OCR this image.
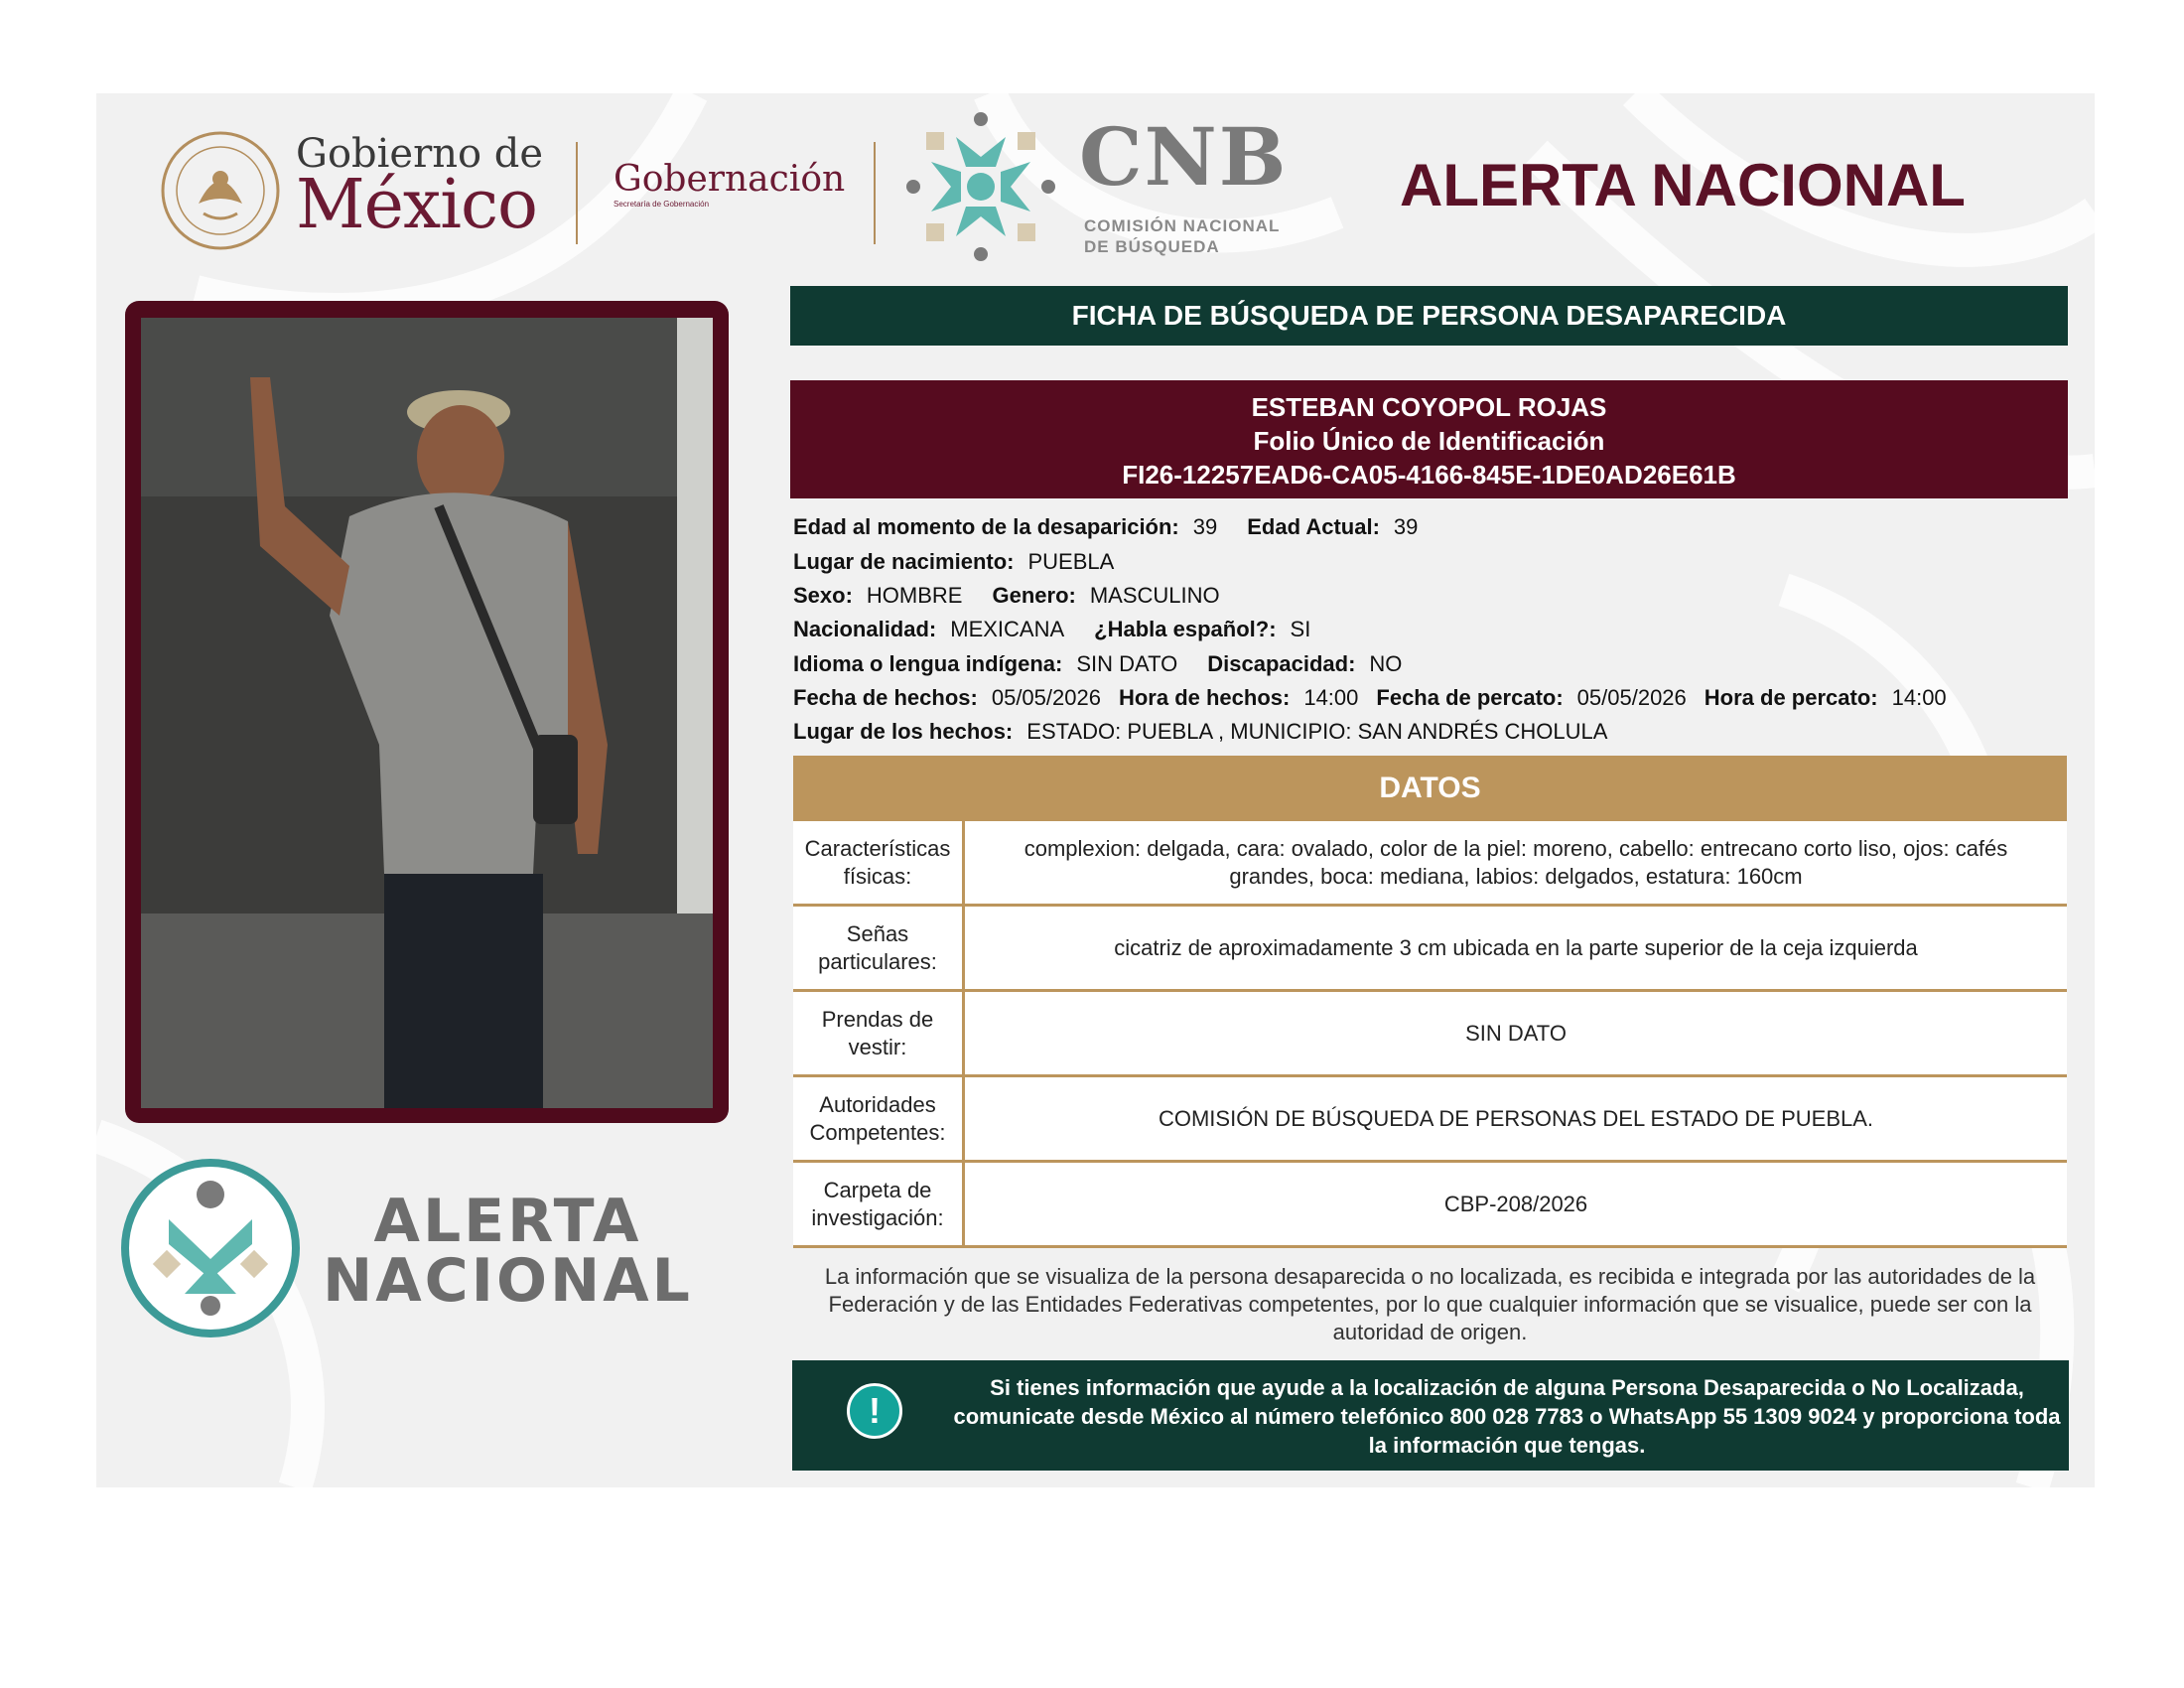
Gobierno de
México Gobernación
Secretaría de Gobernación
CNB
COMISIÓN NACIONAL
DE BÚSQUEDA
ALERTA NACIONAL
ALERTA
NACIONAL
FICHA DE BÚSQUEDA DE PERSONA DESAPARECIDA
ESTEBAN COYOPOL ROJAS
Folio Único de Identificación
FI26-12257EAD6-CA05-4166-845E-1DE0AD26E61B
Edad al momento de la desaparición: 39 Edad Actual: 39
Lugar de nacimiento: PUEBLA
Sexo: HOMBRE Genero: MASCULINO
Nacionalidad: MEXICANA ¿Habla español?: SI
Idioma o lengua indígena: SIN DATO Discapacidad: NO
Fecha de hechos: 05/05/2026 Hora de hechos: 14:00 Fecha de percato: 05/05/2026 Hora de percato: 14:00
Lugar de los hechos: ESTADO: PUEBLA , MUNICIPIO: SAN ANDRÉS CHOLULA
DATOS
Características físicas:
complexion: delgada, cara: ovalado, color de la piel: moreno, cabello: entrecano corto liso, ojos: cafés grandes, boca: mediana, labios: delgados, estatura: 160cm
Señas particulares:
cicatriz de aproximadamente 3 cm ubicada en la parte superior de la ceja izquierda
Prendas de vestir:
SIN DATO
Autoridades Competentes:
COMISIÓN DE BÚSQUEDA DE PERSONAS DEL ESTADO DE PUEBLA.
Carpeta de investigación:
CBP-208/2026
La información que se visualiza de la persona desaparecida o no localizada, es recibida e integrada por las autoridades de la Federación y de las Entidades Federativas competentes, por lo que cualquier información que se visualice, puede ser con la autoridad de origen.
!
Si tienes información que ayude a la localización de alguna Persona Desaparecida o No Localizada, comunicate desde México al número telefónico 800 028 7783 o WhatsApp 55 1309 9024 y proporciona toda la información que tengas.
